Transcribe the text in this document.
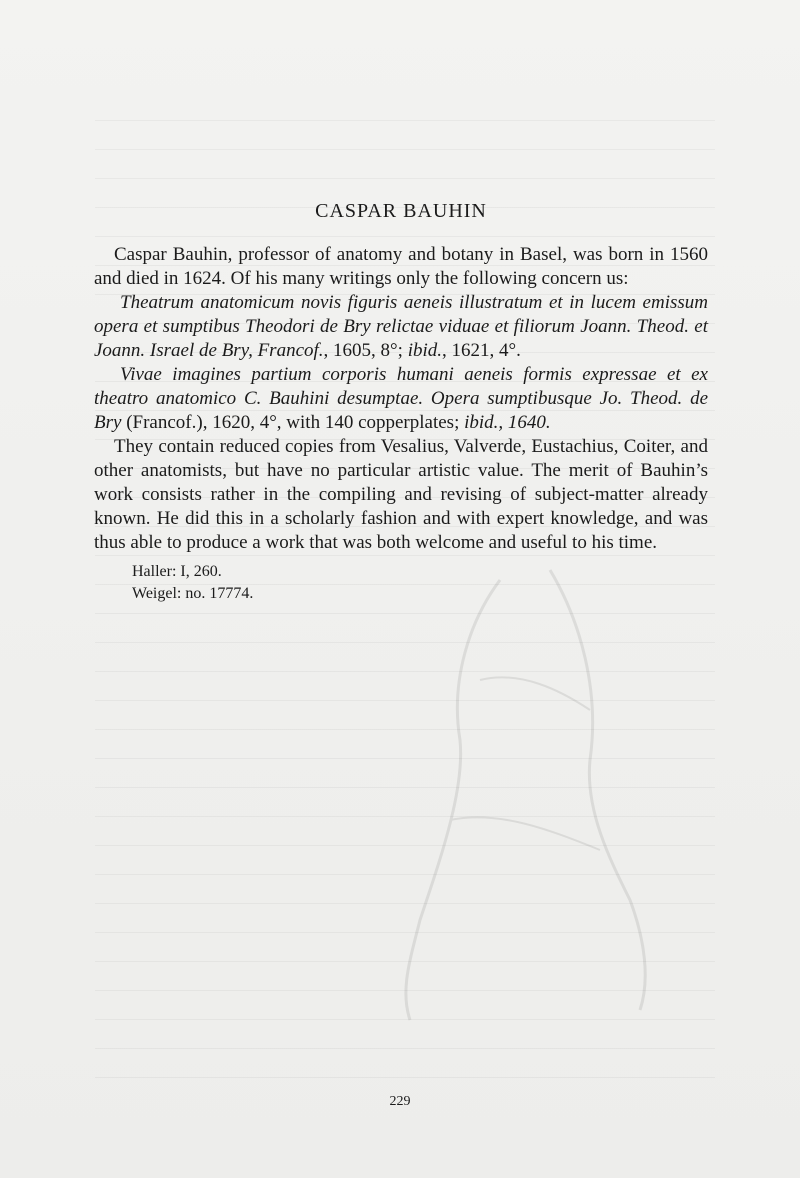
CASPAR BAUHIN

Caspar Bauhin, professor of anatomy and botany in Basel, was born in 1560 and died in 1624. Of his many writings only the following concern us:

Theatrum anatomicum novis figuris aeneis illustratum et in lucem emissum opera et sumptibus Theodori de Bry relictae viduae et filiorum Joann. Theod. et Joann. Israel de Bry, Francof., 1605, 8°; ibid., 1621, 4°.

Vivae imagines partium corporis humani aeneis formis expressae et ex theatro anatomico C. Bauhini desumptae. Opera sumptibusque Jo. Theod. de Bry (Francof.), 1620, 4°, with 140 copperplates; ibid., 1640.

They contain reduced copies from Vesalius, Valverde, Eustachius, Coiter, and other anatomists, but have no particular artistic value. The merit of Bauhin’s work consists rather in the compiling and revising of subject-matter already known. He did this in a scholarly fashion and with expert knowledge, and was thus able to produce a work that was both welcome and useful to his time.

Haller: I, 260.
Weigel: no. 17774.
229
